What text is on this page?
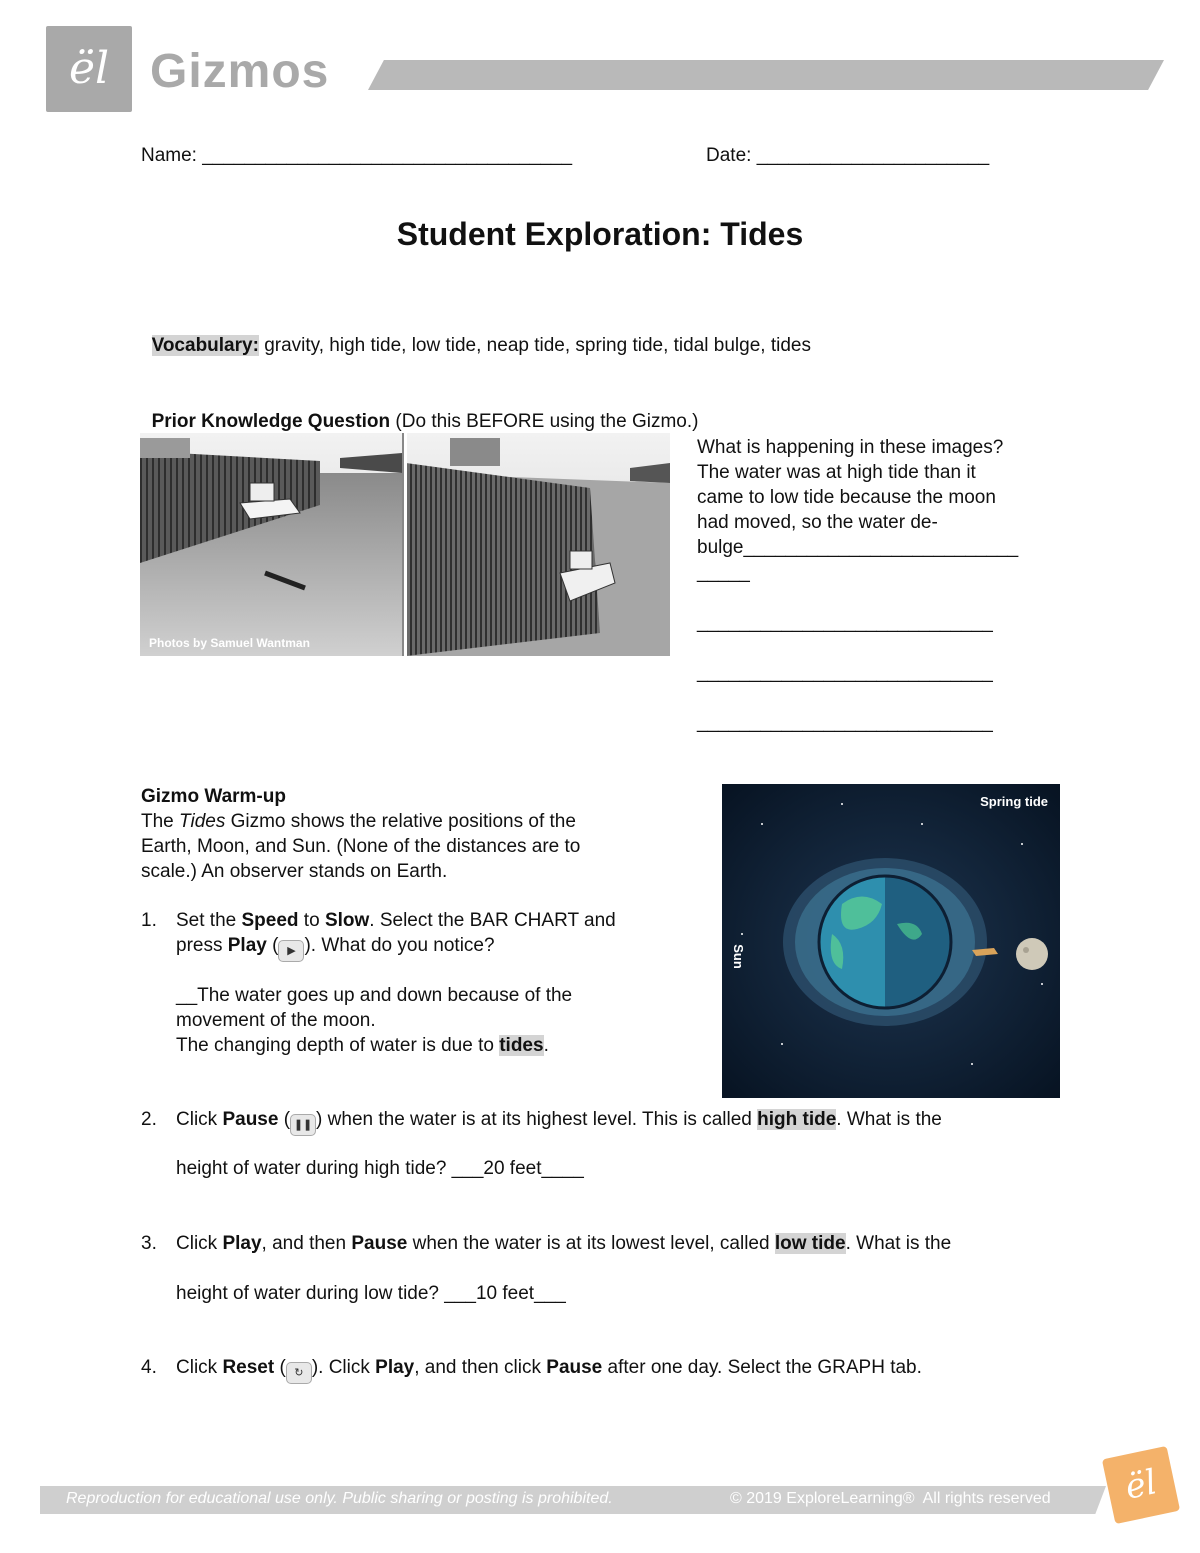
ël Gizmos
Name: ___________________________________	Date: ______________________
Student Exploration: Tides

Vocabulary: gravity, high tide, low tide, neap tide, spring tide, tidal bulge, tides

Prior Knowledge Question (Do this BEFORE using the Gizmo.)

Photos by Samuel Wantman
What is happening in these images?
The water was at high tide than it
came to low tide because the moon
had moved, so the water de-
bulge__________________________
_____
____________________________
____________________________
____________________________
Gizmo Warm-up
The Tides Gizmo shows the relative positions of the
Earth, Moon, and Sun. (None of the distances are to
scale.) An observer stands on Earth.
Spring tide
Sun
1. Set the Speed to Slow. Select the BAR CHART and
press Play ( ▶ ). What do you notice?
__The water goes up and down because of the
movement of the moon.
The changing depth of water is due to tides.
2. Click Pause ( ❚❚ ) when the water is at its highest level. This is called high tide. What is the
height of water during high tide? ___20 feet____
3. Click Play, and then Pause when the water is at its lowest level, called low tide. What is the
height of water during low tide? ___10 feet___
4. Click Reset ( ↻ ). Click Play, and then click Pause after one day. Select the GRAPH tab.
Reproduction for educational use only. Public sharing or posting is prohibited.	© 2019 ExploreLearning®  All rights reserved	ël
